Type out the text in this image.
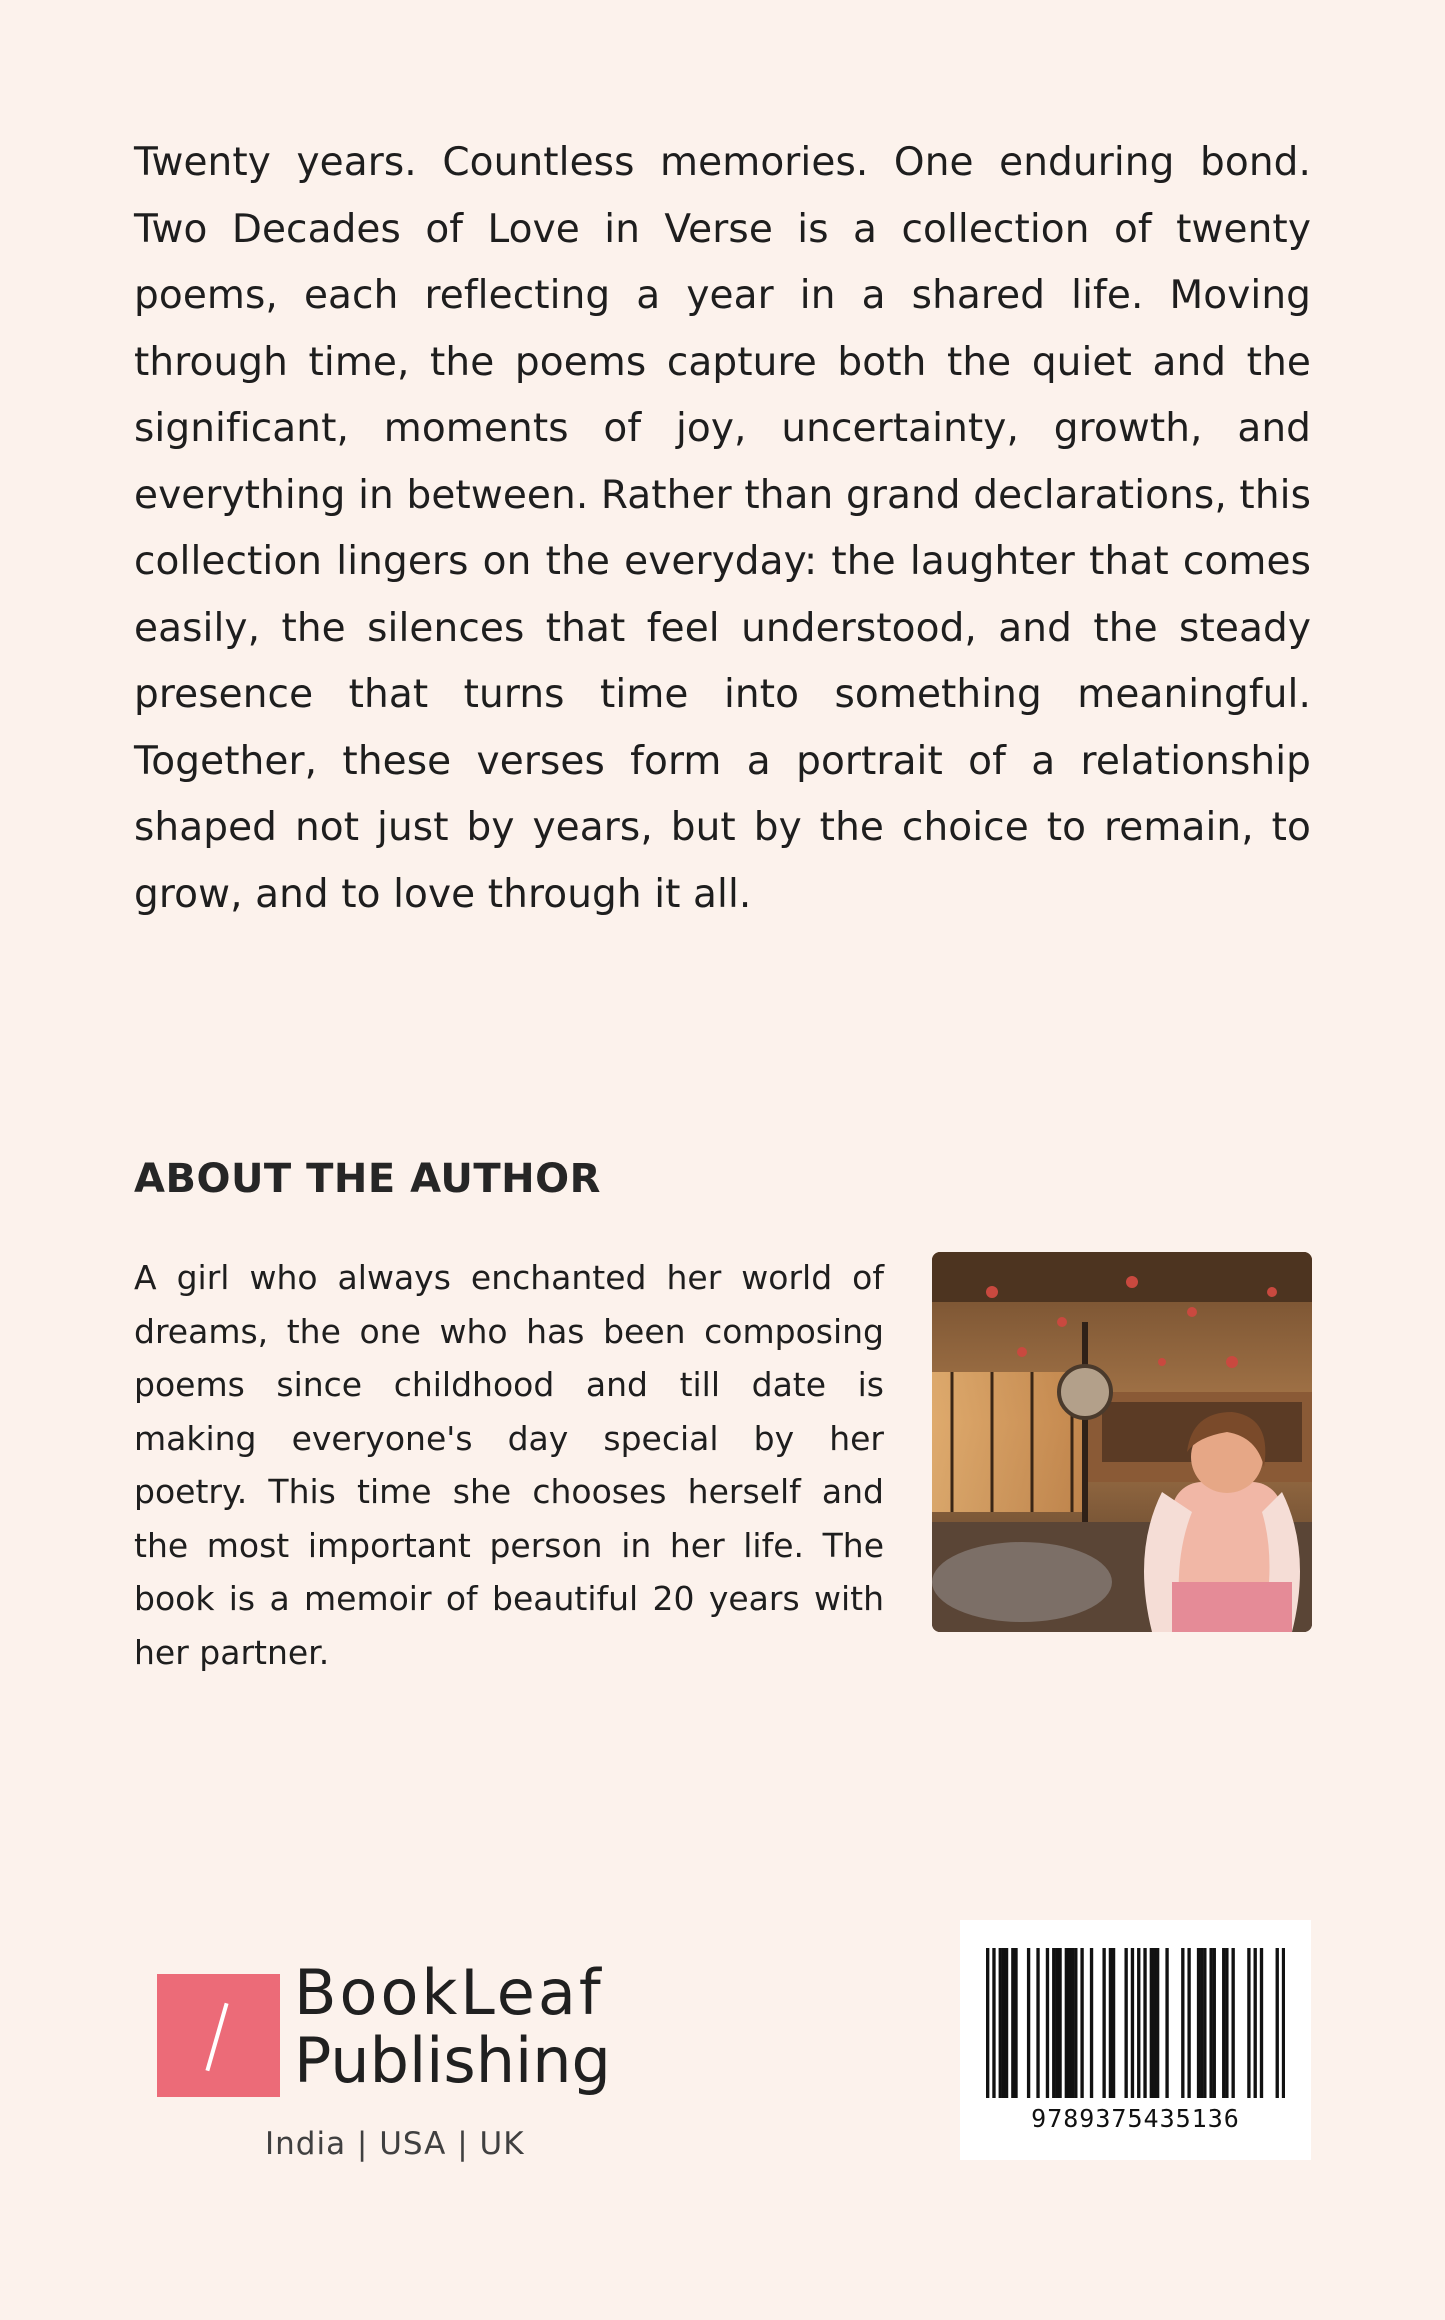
Twenty years. Countless memories. One enduring bond. Two Decades of Love in Verse is a collection of twenty poems, each reflecting a year in a shared life. Moving through time, the poems capture both the quiet and the significant, moments of joy, uncertainty, growth, and everything in between. Rather than grand declarations, this collection lingers on the everyday: the laughter that comes easily, the silences that feel understood, and the steady presence that turns time into something meaningful. Together, these verses form a portrait of a relationship shaped not just by years, but by the choice to remain, to grow, and to love through it all.

ABOUT THE AUTHOR

A girl who always enchanted her world of dreams, the one who has been composing poems since childhood and till date is making everyone's day special by her poetry. This time she chooses herself and the most important person in her life. The book is a memoir of beautiful 20 years with her partner.

BookLeaf
Publishing
India | USA | UK
9789375435136
